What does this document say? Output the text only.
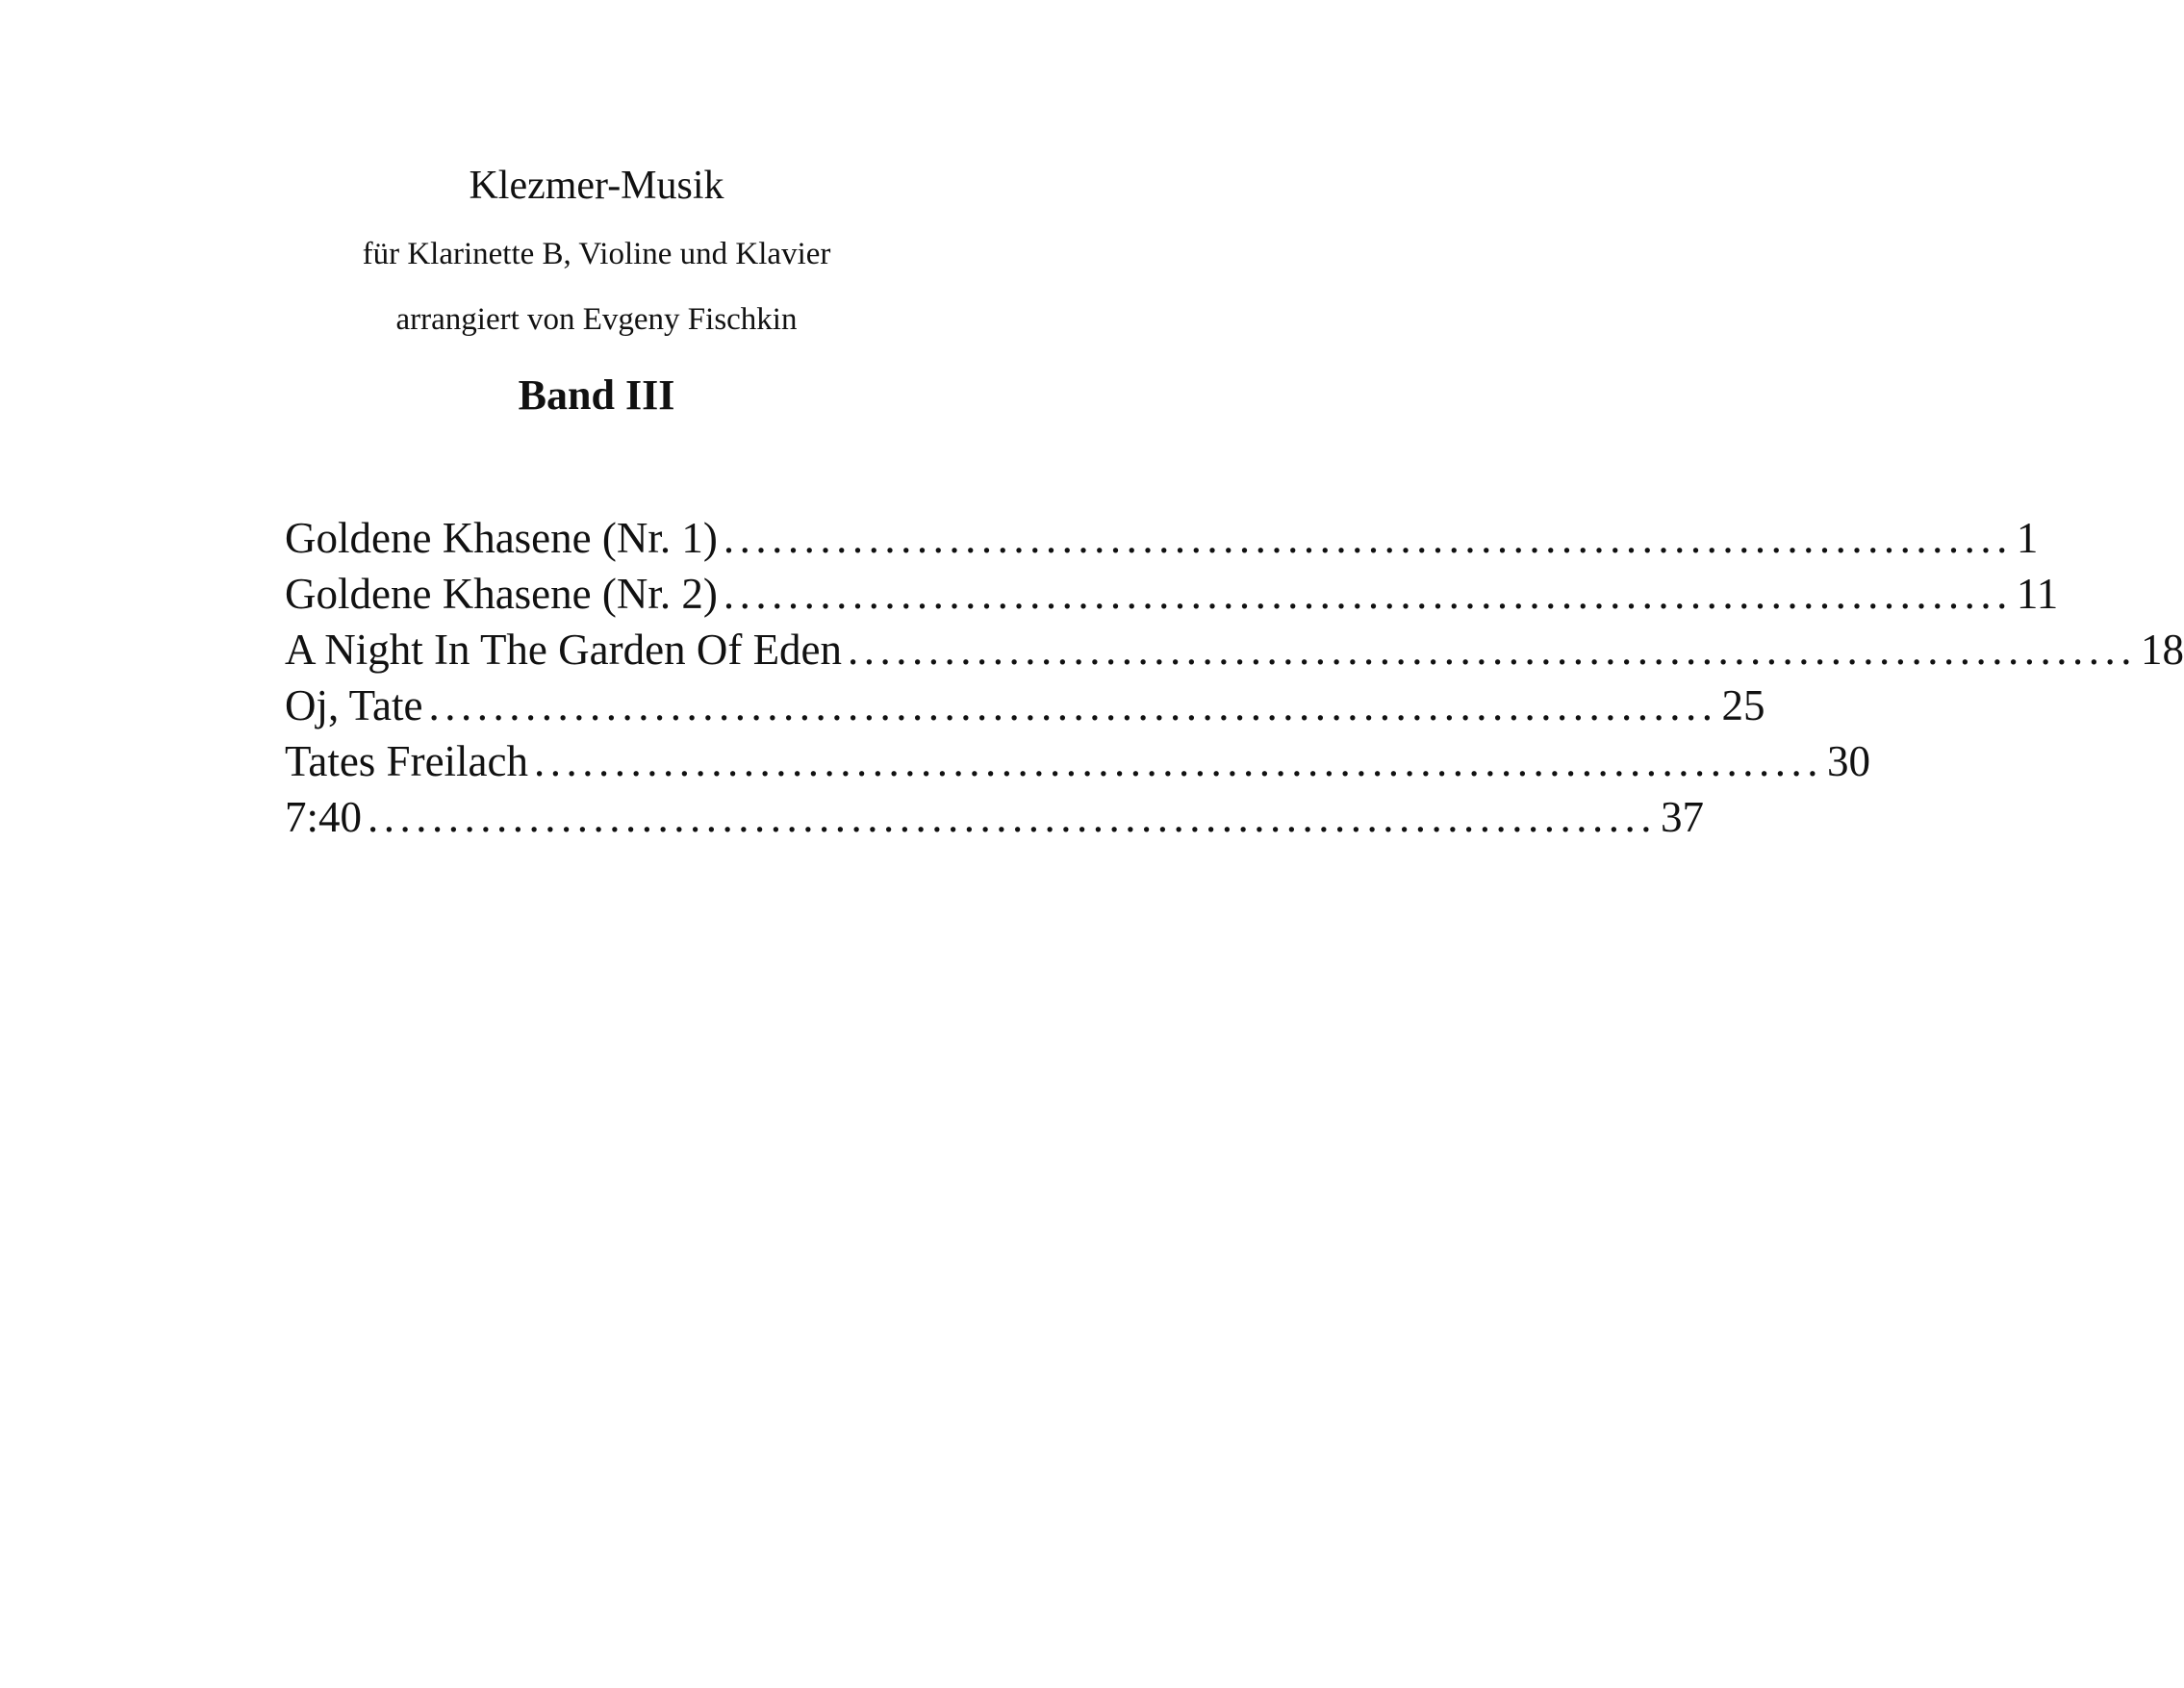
Klezmer-Musik
für Klarinette B, Violine und Klavier
arrangiert von Evgeny Fischkin
Band III
Goldene Khasene (Nr. 1) ................................................................................ 1
Goldene Khasene (Nr. 2) ................................................................................ 11
A Night In The Garden Of Eden ................................................................................ 18
Oj, Tate ................................................................................ 25
Tates Freilach ................................................................................ 30
7:40 ................................................................................ 37
